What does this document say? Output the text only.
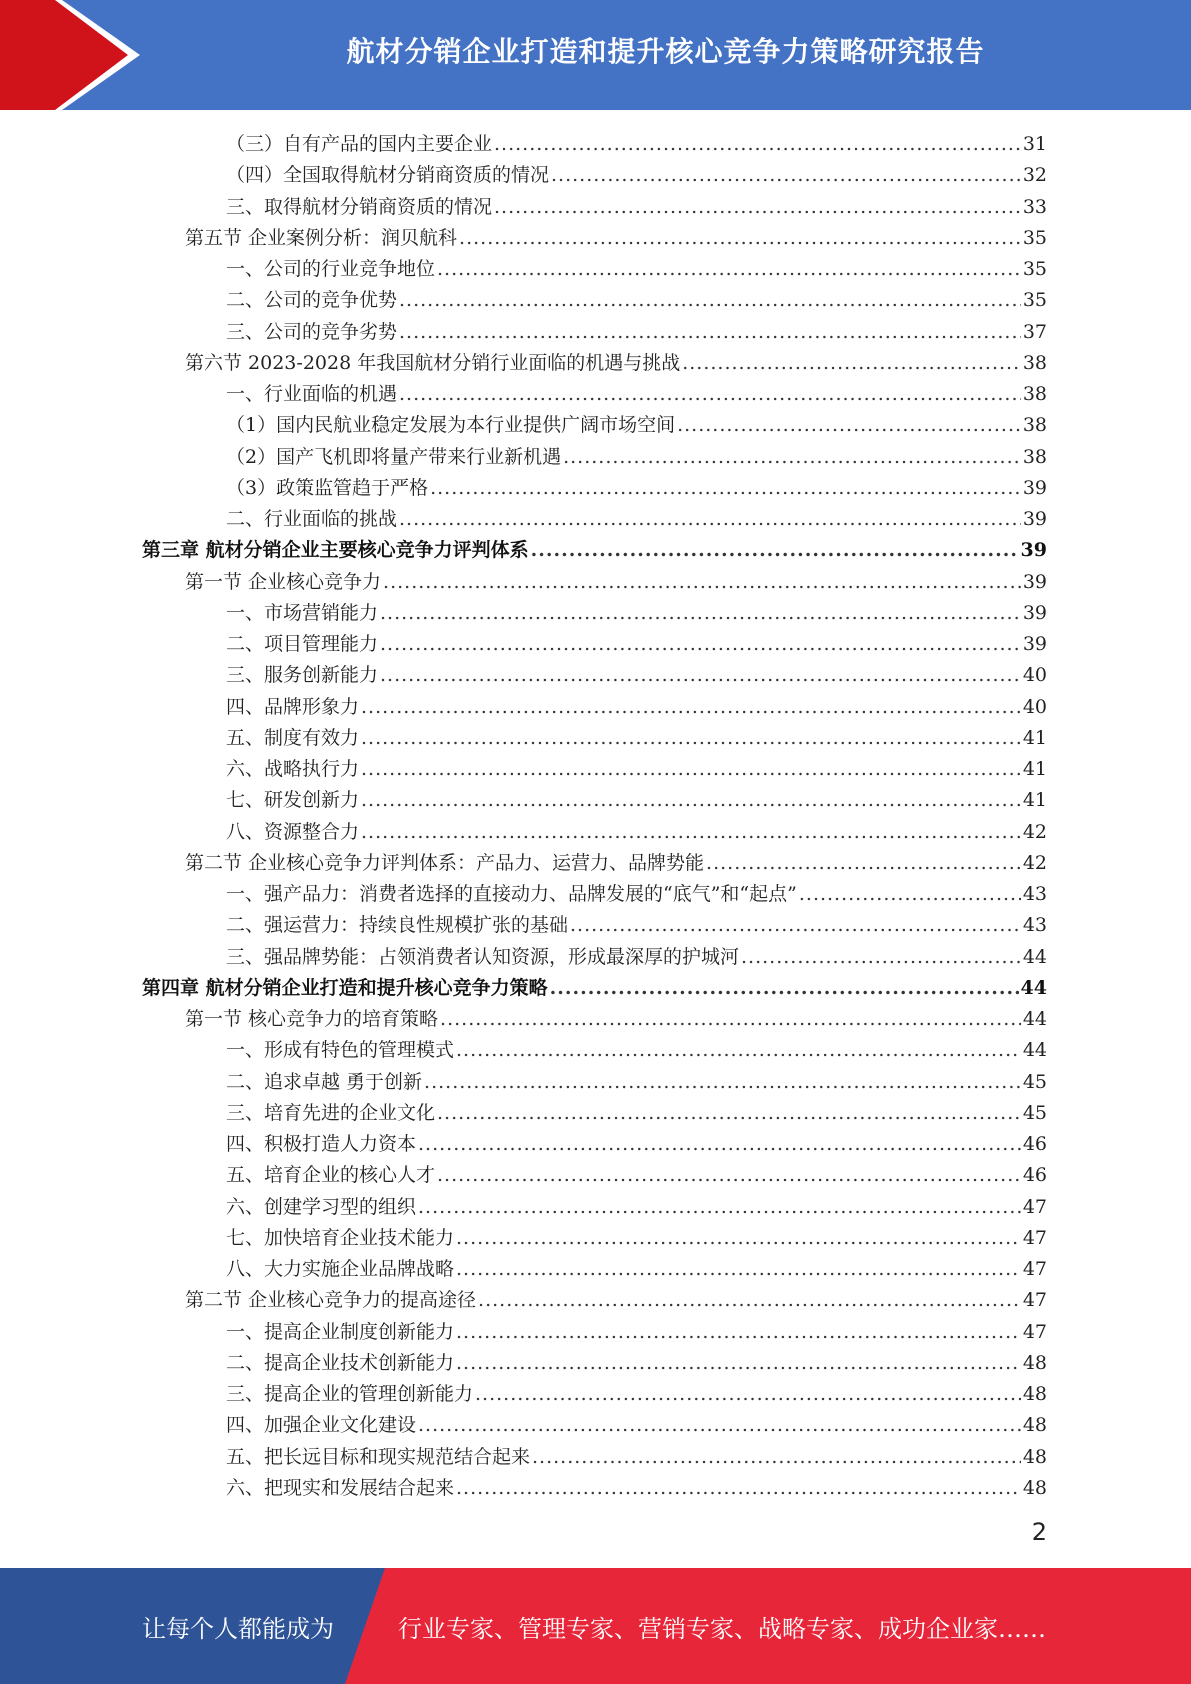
航材分销企业打造和提升核心竞争力策略研究报告
（三）自有产品的国内主要企业 .....	31
（四）全国取得航材分销商资质的情况 .....	32
三、取得航材分销商资质的情况 .....	33
第五节 企业案例分析：润贝航科 .....	35
一、公司的行业竞争地位 .....	35
二、公司的竞争优势 .....	35
三、公司的竞争劣势 .....	37
第六节 2023-2028 年我国航材分销行业面临的机遇与挑战 .....	38
一、行业面临的机遇 .....	38
（1）国内民航业稳定发展为本行业提供广阔市场空间 .....	38
（2）国产飞机即将量产带来行业新机遇 .....	38
（3）政策监管趋于严格 .....	39
二、行业面临的挑战 .....	39
第三章 航材分销企业主要核心竞争力评判体系 .....	39
第一节 企业核心竞争力 .....	39
一、市场营销能力 .....	39
二、项目管理能力 .....	39
三、服务创新能力 .....	40
四、品牌形象力 .....	40
五、制度有效力 .....	41
六、战略执行力 .....	41
七、研发创新力 .....	41
八、资源整合力 .....	42
第二节 企业核心竞争力评判体系：产品力、运营力、品牌势能 .....	42
一、强产品力：消费者选择的直接动力、品牌发展的“底气”和“起点” .....	43
二、强运营力：持续良性规模扩张的基础 .....	43
三、强品牌势能：占领消费者认知资源，形成最深厚的护城河 .....	44
第四章 航材分销企业打造和提升核心竞争力策略 .....	44
第一节 核心竞争力的培育策略 .....	44
一、形成有特色的管理模式 .....	44
二、追求卓越 勇于创新 .....	45
三、培育先进的企业文化 .....	45
四、积极打造人力资本 .....	46
五、培育企业的核心人才 .....	46
六、创建学习型的组织 .....	47
七、加快培育企业技术能力 .....	47
八、大力实施企业品牌战略 .....	47
第二节 企业核心竞争力的提高途径 .....	47
一、提高企业制度创新能力 .....	47
二、提高企业技术创新能力 .....	48
三、提高企业的管理创新能力 .....	48
四、加强企业文化建设 .....	48
五、把长远目标和现实规范结合起来 .....	48
六、把现实和发展结合起来 .....	48
2
让每个人都能成为	行业专家、管理专家、营销专家、战略专家、成功企业家……
